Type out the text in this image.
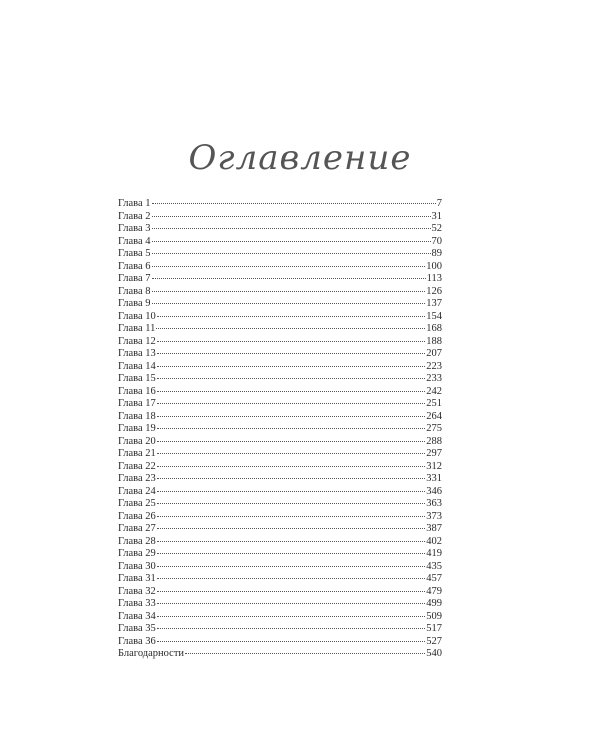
Оглавление
Глава 1	7
Глава 2	31
Глава 3	52
Глава 4	70
Глава 5	89
Глава 6	100
Глава 7	113
Глава 8	126
Глава 9	137
Глава 10	154
Глава 11	168
Глава 12	188
Глава 13	207
Глава 14	223
Глава 15	233
Глава 16	242
Глава 17	251
Глава 18	264
Глава 19	275
Глава 20	288
Глава 21	297
Глава 22	312
Глава 23	331
Глава 24	346
Глава 25	363
Глава 26	373
Глава 27	387
Глава 28	402
Глава 29	419
Глава 30	435
Глава 31	457
Глава 32	479
Глава 33	499
Глава 34	509
Глава 35	517
Глава 36	527
Благодарности	540
